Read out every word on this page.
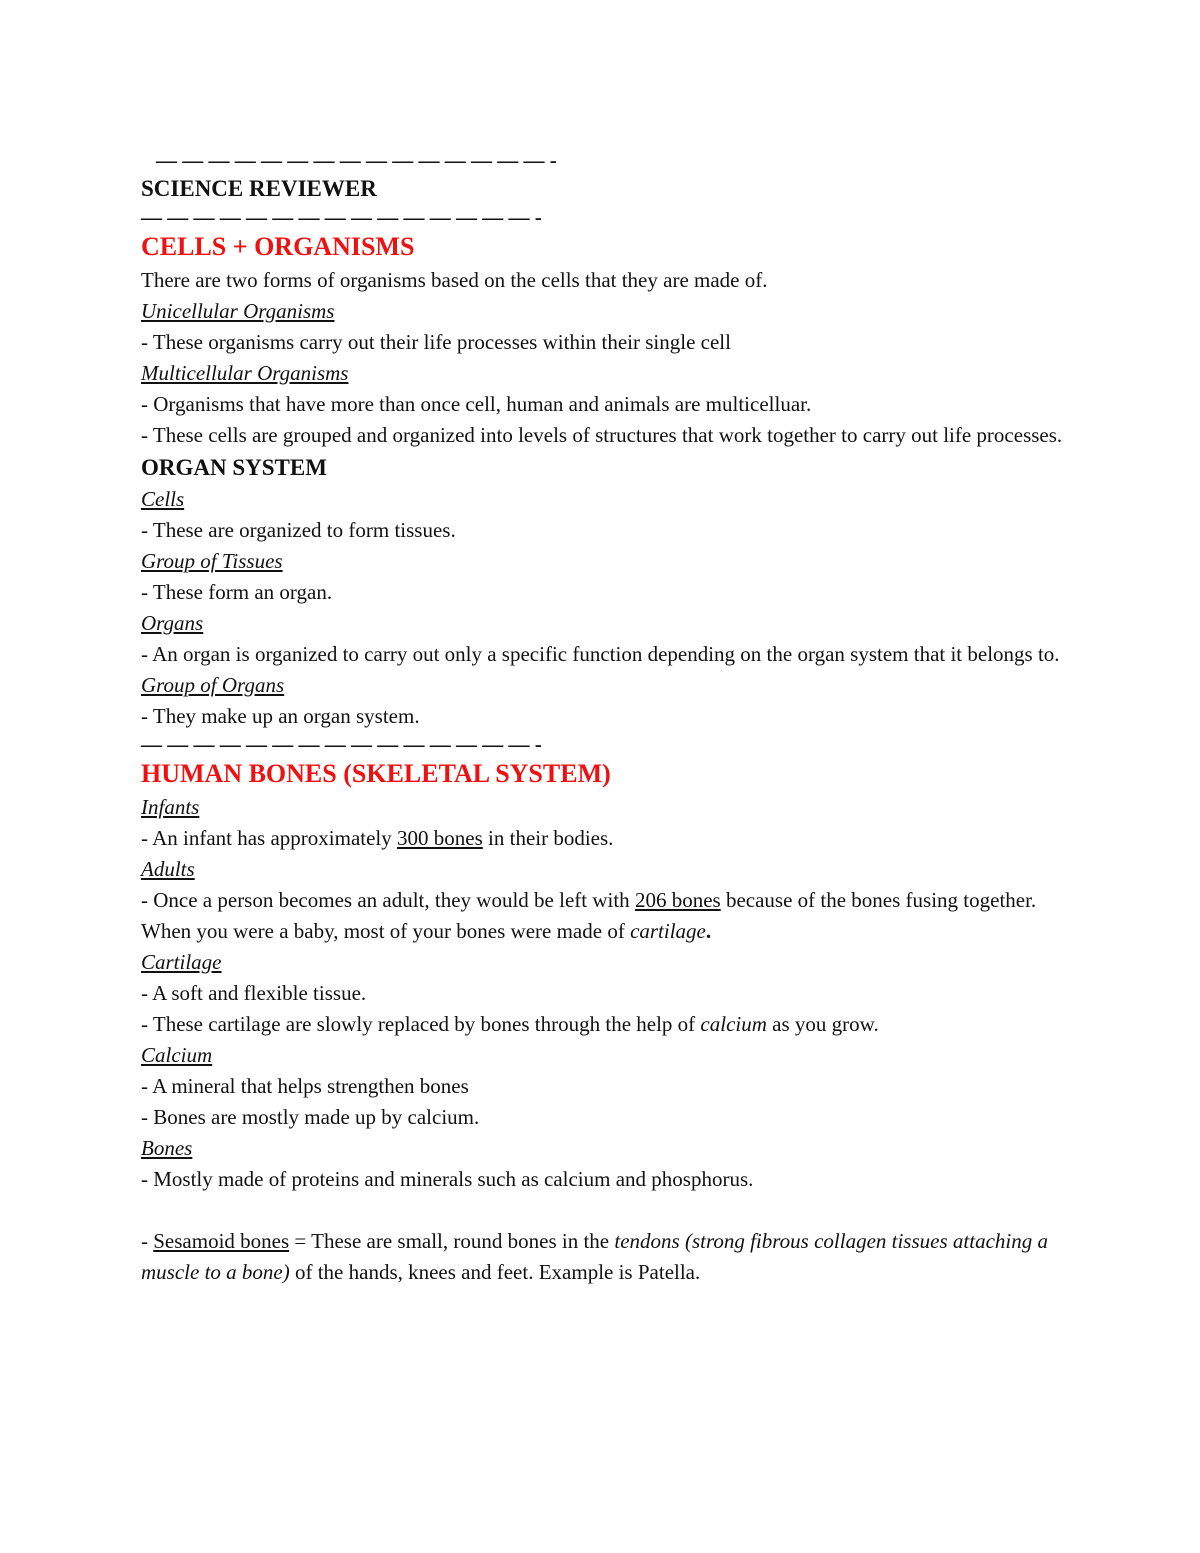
— — — — — — — — — — — — — — — -

SCIENCE REVIEWER

— — — — — — — — — — — — — — — -

CELLS + ORGANISMS

There are two forms of organisms based on the cells that they are made of.

Unicellular Organisms

- These organisms carry out their life processes within their single cell

Multicellular Organisms

- Organisms that have more than once cell, human and animals are multicelluar.

- These cells are grouped and organized into levels of structures that work together to carry out life processes.

ORGAN SYSTEM

Cells

- These are organized to form tissues.

Group of Tissues

- These form an organ.

Organs

- An organ is organized to carry out only a specific function depending on the organ system that it belongs to.

Group of Organs

- They make up an organ system.

— — — — — — — — — — — — — — — -

HUMAN BONES (SKELETAL SYSTEM)

Infants

- An infant has approximately 300 bones in their bodies.

Adults

- Once a person becomes an adult, they would be left with 206 bones because of the bones fusing together.

When you were a baby, most of your bones were made of cartilage.

Cartilage

- A soft and flexible tissue.

- These cartilage are slowly replaced by bones through the help of calcium as you grow.

Calcium

- A mineral that helps strengthen bones

- Bones are mostly made up by calcium.

Bones

- Mostly made of proteins and minerals such as calcium and phosphorus.

- Sesamoid bones = These are small, round bones in the tendons (strong fibrous collagen tissues attaching a muscle to a bone) of the hands, knees and feet. Example is Patella.
